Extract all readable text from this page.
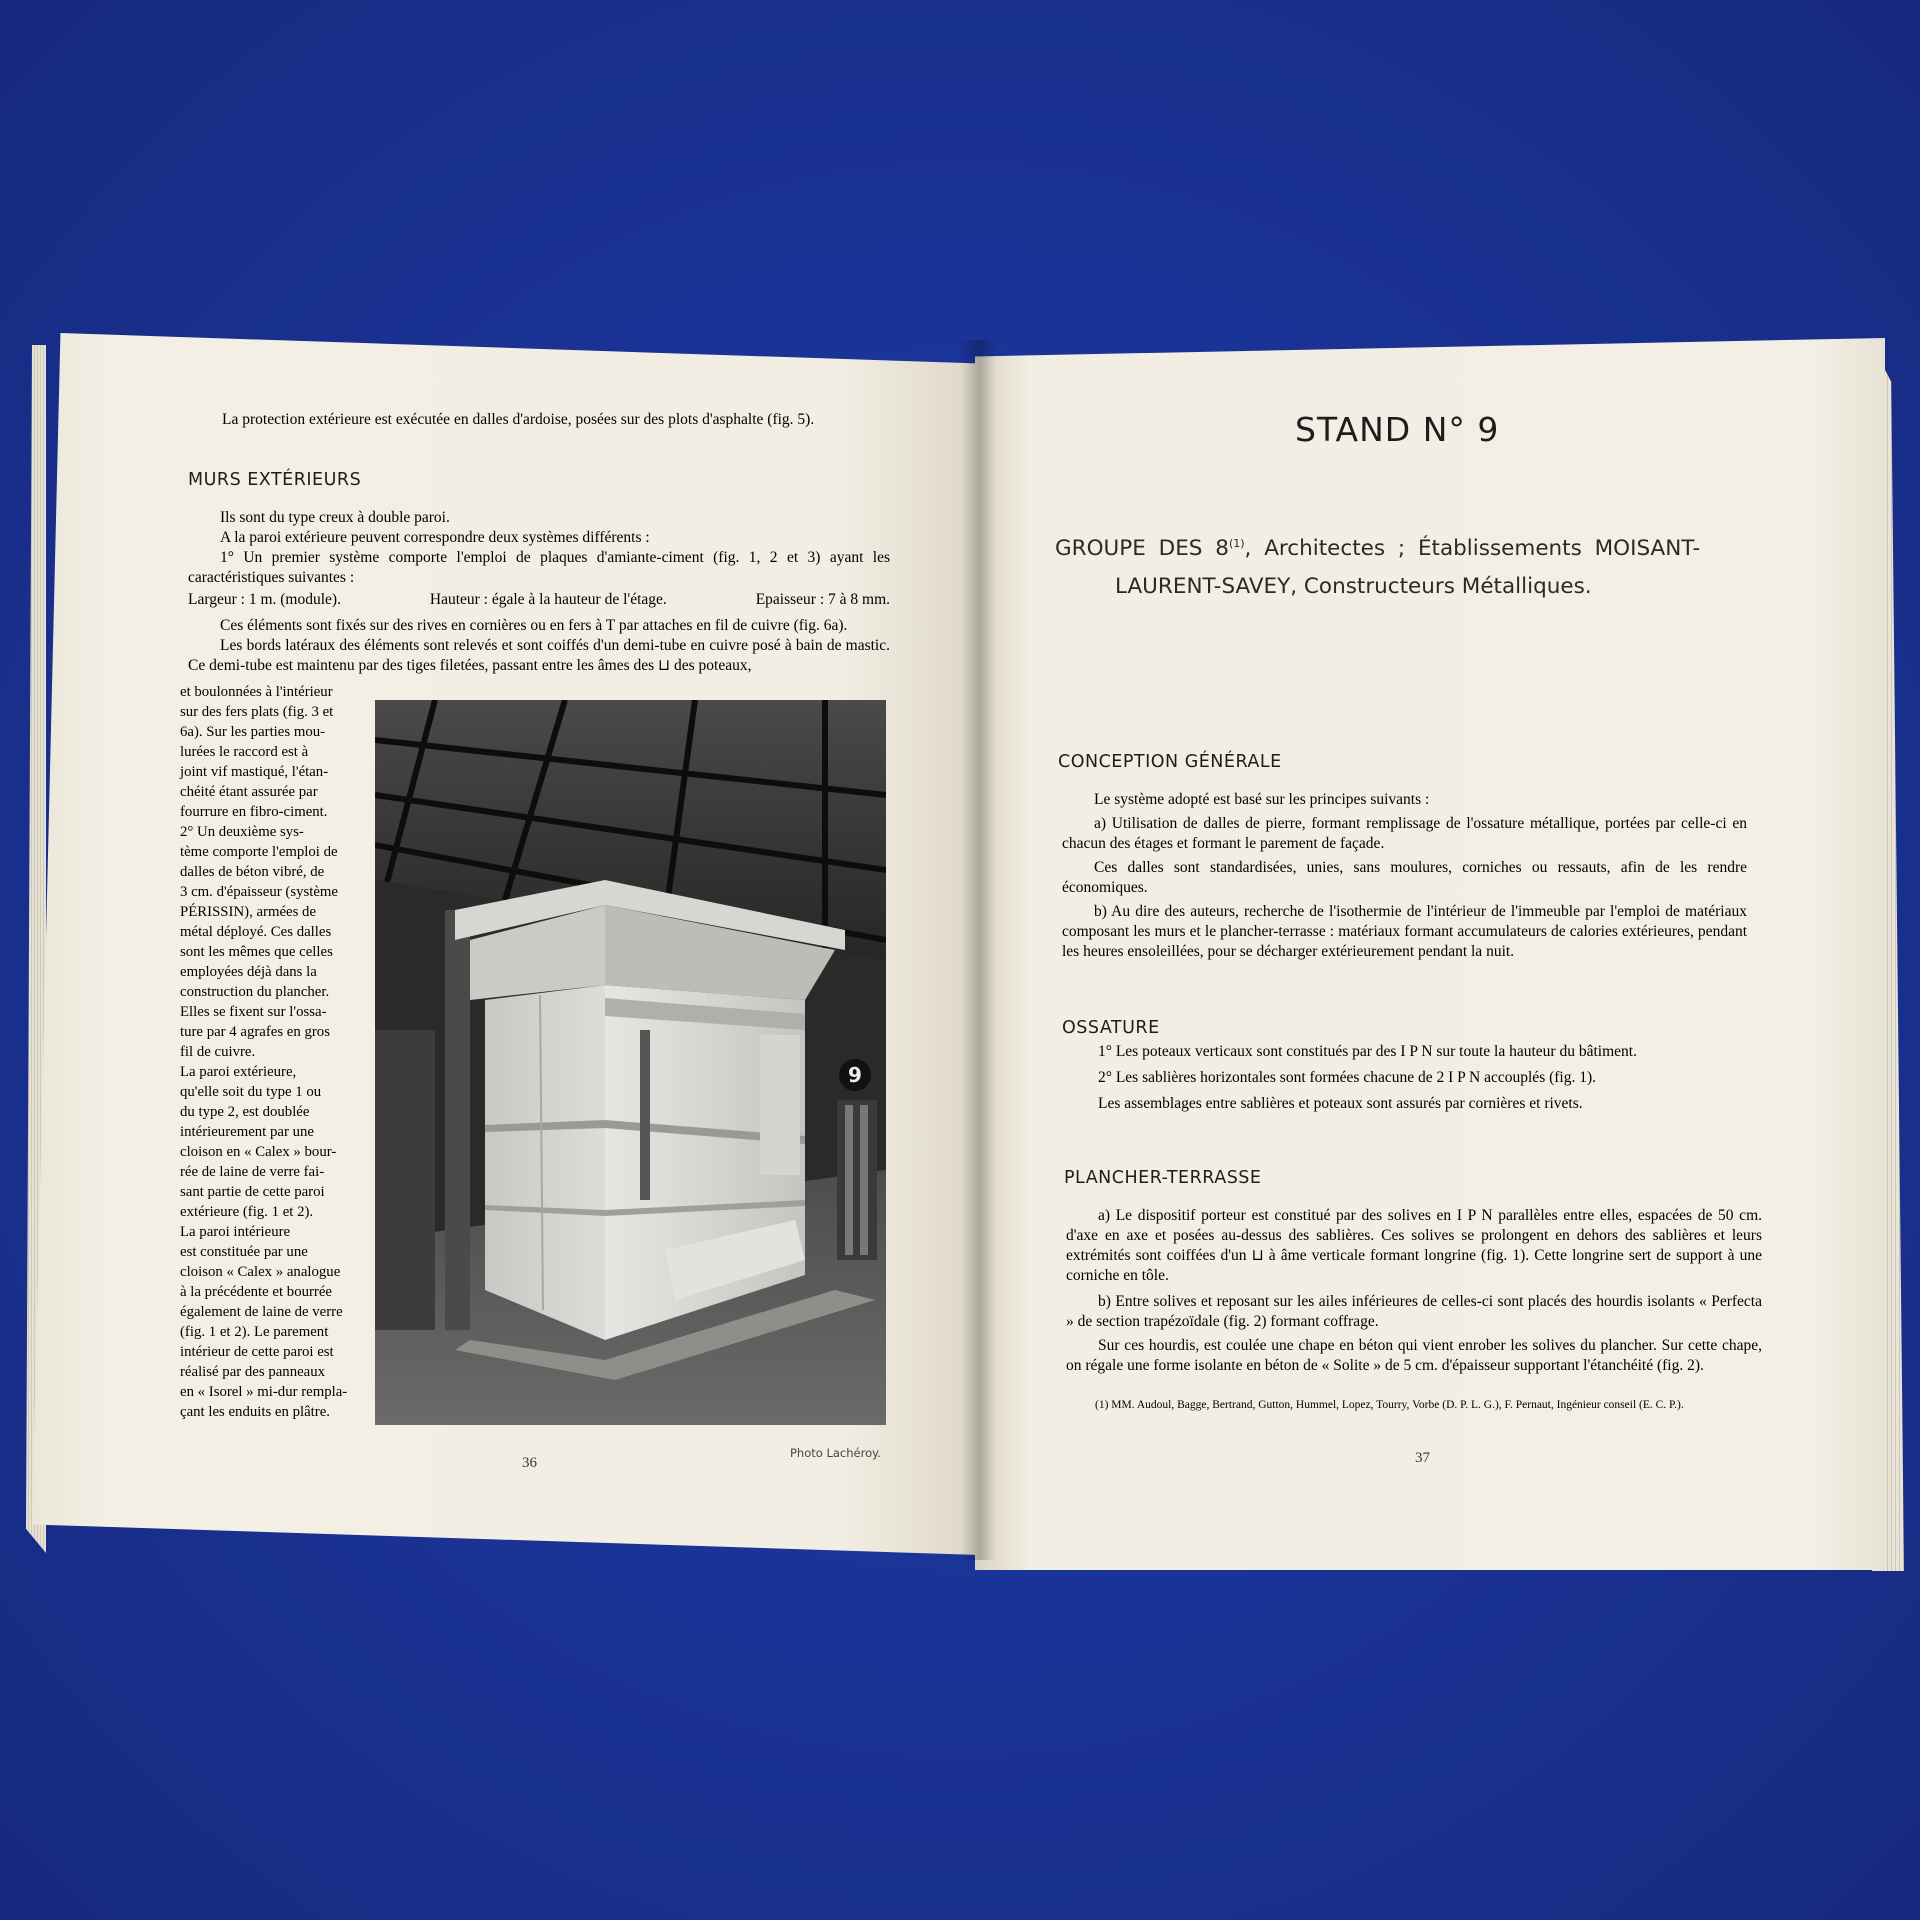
La protection extérieure est exécutée en dalles d'ardoise, posées sur des plots d'asphalte (fig. 5).
MURS EXTÉRIEURS
Ils sont du type creux à double paroi.
A la paroi extérieure peuvent correspondre deux systèmes différents :
1° Un premier système comporte l'emploi de plaques d'amiante-ciment (fig. 1, 2 et 3) ayant les caractéristiques suivantes :
Largeur : 1 m. (module).	Hauteur : égale à la hauteur de l'étage.	Epaisseur : 7 à 8 mm.
Ces éléments sont fixés sur des rives en cornières ou en fers à T par attaches en fil de cuivre (fig. 6a).
Les bords latéraux des éléments sont relevés et sont coiffés d'un demi-tube en cuivre posé à bain de mastic. Ce demi-tube est maintenu par des tiges filetées, passant entre les âmes des ⊔ des poteaux,
et boulonnées à l'intérieur
sur des fers plats (fig. 3 et
6a). Sur les parties mou-
lurées le raccord est à
joint vif mastiqué, l'étan-
chéité étant assurée par
fourrure en fibro-ciment.
2° Un deuxième sys-
tème comporte l'emploi de
dalles de béton vibré, de
3 cm. d'épaisseur (système
PÉRISSIN), armées de
métal déployé. Ces dalles
sont les mêmes que celles
employées déjà dans la
construction du plancher.
Elles se fixent sur l'ossa-
ture par 4 agrafes en gros
fil de cuivre.
La paroi extérieure,
qu'elle soit du type 1 ou
du type 2, est doublée
intérieurement par une
cloison en « Calex » bour-
rée de laine de verre fai-
sant partie de cette paroi
extérieure (fig. 1 et 2).
La paroi intérieure
est constituée par une
cloison « Calex » analogue
à la précédente et bourrée
également de laine de verre
(fig. 1 et 2). Le parement
intérieur de cette paroi est
réalisé par des panneaux
en « Isorel » mi-dur rempla-
çant les enduits en plâtre.
9
Photo Lachéroy.
36
STAND N° 9
GROUPE DES 8$^{(1)}$, Architectes ; Établissements MOISANT-
LAURENT-SAVEY, Constructeurs Métalliques.
CONCEPTION GÉNÉRALE
Le système adopté est basé sur les principes suivants :
a) Utilisation de dalles de pierre, formant remplissage de l'ossature métallique, portées par celle-ci en chacun des étages et formant le parement de façade.
Ces dalles sont standardisées, unies, sans moulures, corniches ou ressauts, afin de les rendre économiques.
b) Au dire des auteurs, recherche de l'isothermie de l'intérieur de l'immeuble par l'emploi de matériaux composant les murs et le plancher-terrasse : matériaux formant accumulateurs de calories extérieures, pendant les heures ensoleillées, pour se décharger extérieurement pendant la nuit.
OSSATURE
1° Les poteaux verticaux sont constitués par des I P N sur toute la hauteur du bâtiment.
2° Les sablières horizontales sont formées chacune de 2 I P N accouplés (fig. 1).
Les assemblages entre sablières et poteaux sont assurés par cornières et rivets.
PLANCHER-TERRASSE
a) Le dispositif porteur est constitué par des solives en I P N parallèles entre elles, espacées de 50 cm. d'axe en axe et posées au-dessus des sablières. Ces solives se prolongent en dehors des sablières et leurs extrémités sont coiffées d'un ⊔ à âme verticale formant longrine (fig. 1). Cette longrine sert de support à une corniche en tôle.
b) Entre solives et reposant sur les ailes inférieures de celles-ci sont placés des hourdis isolants « Perfecta » de section trapézoïdale (fig. 2) formant coffrage.
Sur ces hourdis, est coulée une chape en béton qui vient enrober les solives du plancher. Sur cette chape, on régale une forme isolante en béton de « Solite » de 5 cm. d'épaisseur supportant l'étanchéité (fig. 2).
(1) MM. Audoul, Bagge, Bertrand, Gutton, Hummel, Lopez, Tourry, Vorbe (D. P. L. G.), F. Pernaut, Ingénieur conseil (E. C. P.).
37
